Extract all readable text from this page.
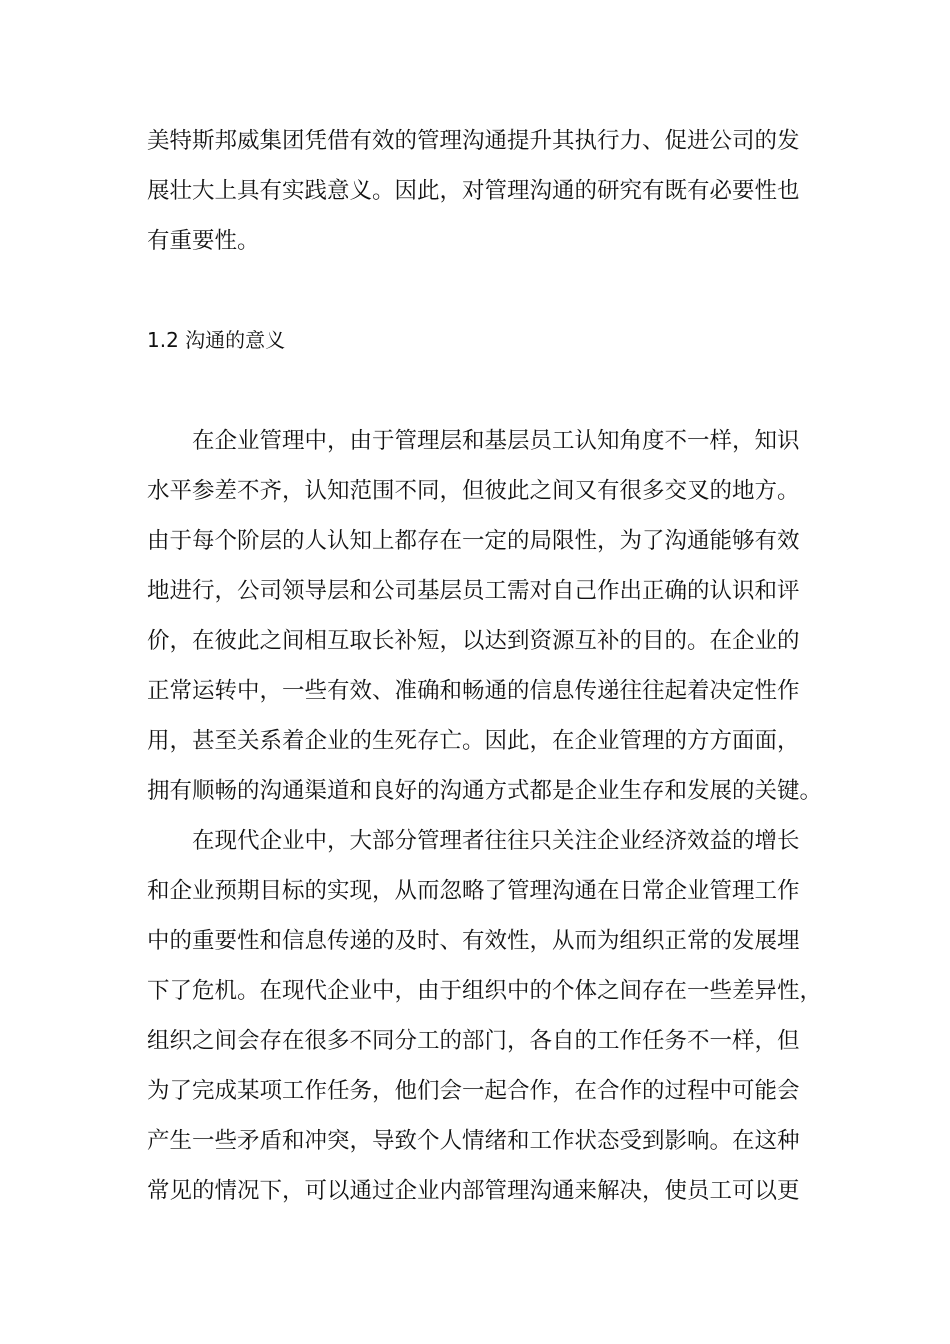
美特斯邦威集团凭借有效的管理沟通提升其执行力、促进公司的发
展壮大上具有实践意义。因此，对管理沟通的研究有既有必要性也
有重要性。
1.2 沟通的意义
在企业管理中，由于管理层和基层员工认知角度不一样，知识
水平参差不齐，认知范围不同，但彼此之间又有很多交叉的地方。
由于每个阶层的人认知上都存在一定的局限性，为了沟通能够有效
地进行，公司领导层和公司基层员工需对自己作出正确的认识和评
价，在彼此之间相互取长补短，以达到资源互补的目的。在企业的
正常运转中，一些有效、准确和畅通的信息传递往往起着决定性作
用，甚至关系着企业的生死存亡。因此，在企业管理的方方面面，
拥有顺畅的沟通渠道和良好的沟通方式都是企业生存和发展的关键。
在现代企业中，大部分管理者往往只关注企业经济效益的增长
和企业预期目标的实现，从而忽略了管理沟通在日常企业管理工作
中的重要性和信息传递的及时、有效性，从而为组织正常的发展埋
下了危机。在现代企业中，由于组织中的个体之间存在一些差异性，
组织之间会存在很多不同分工的部门，各自的工作任务不一样，但
为了完成某项工作任务，他们会一起合作，在合作的过程中可能会
产生一些矛盾和冲突，导致个人情绪和工作状态受到影响。在这种
常见的情况下，可以通过企业内部管理沟通来解决，使员工可以更
